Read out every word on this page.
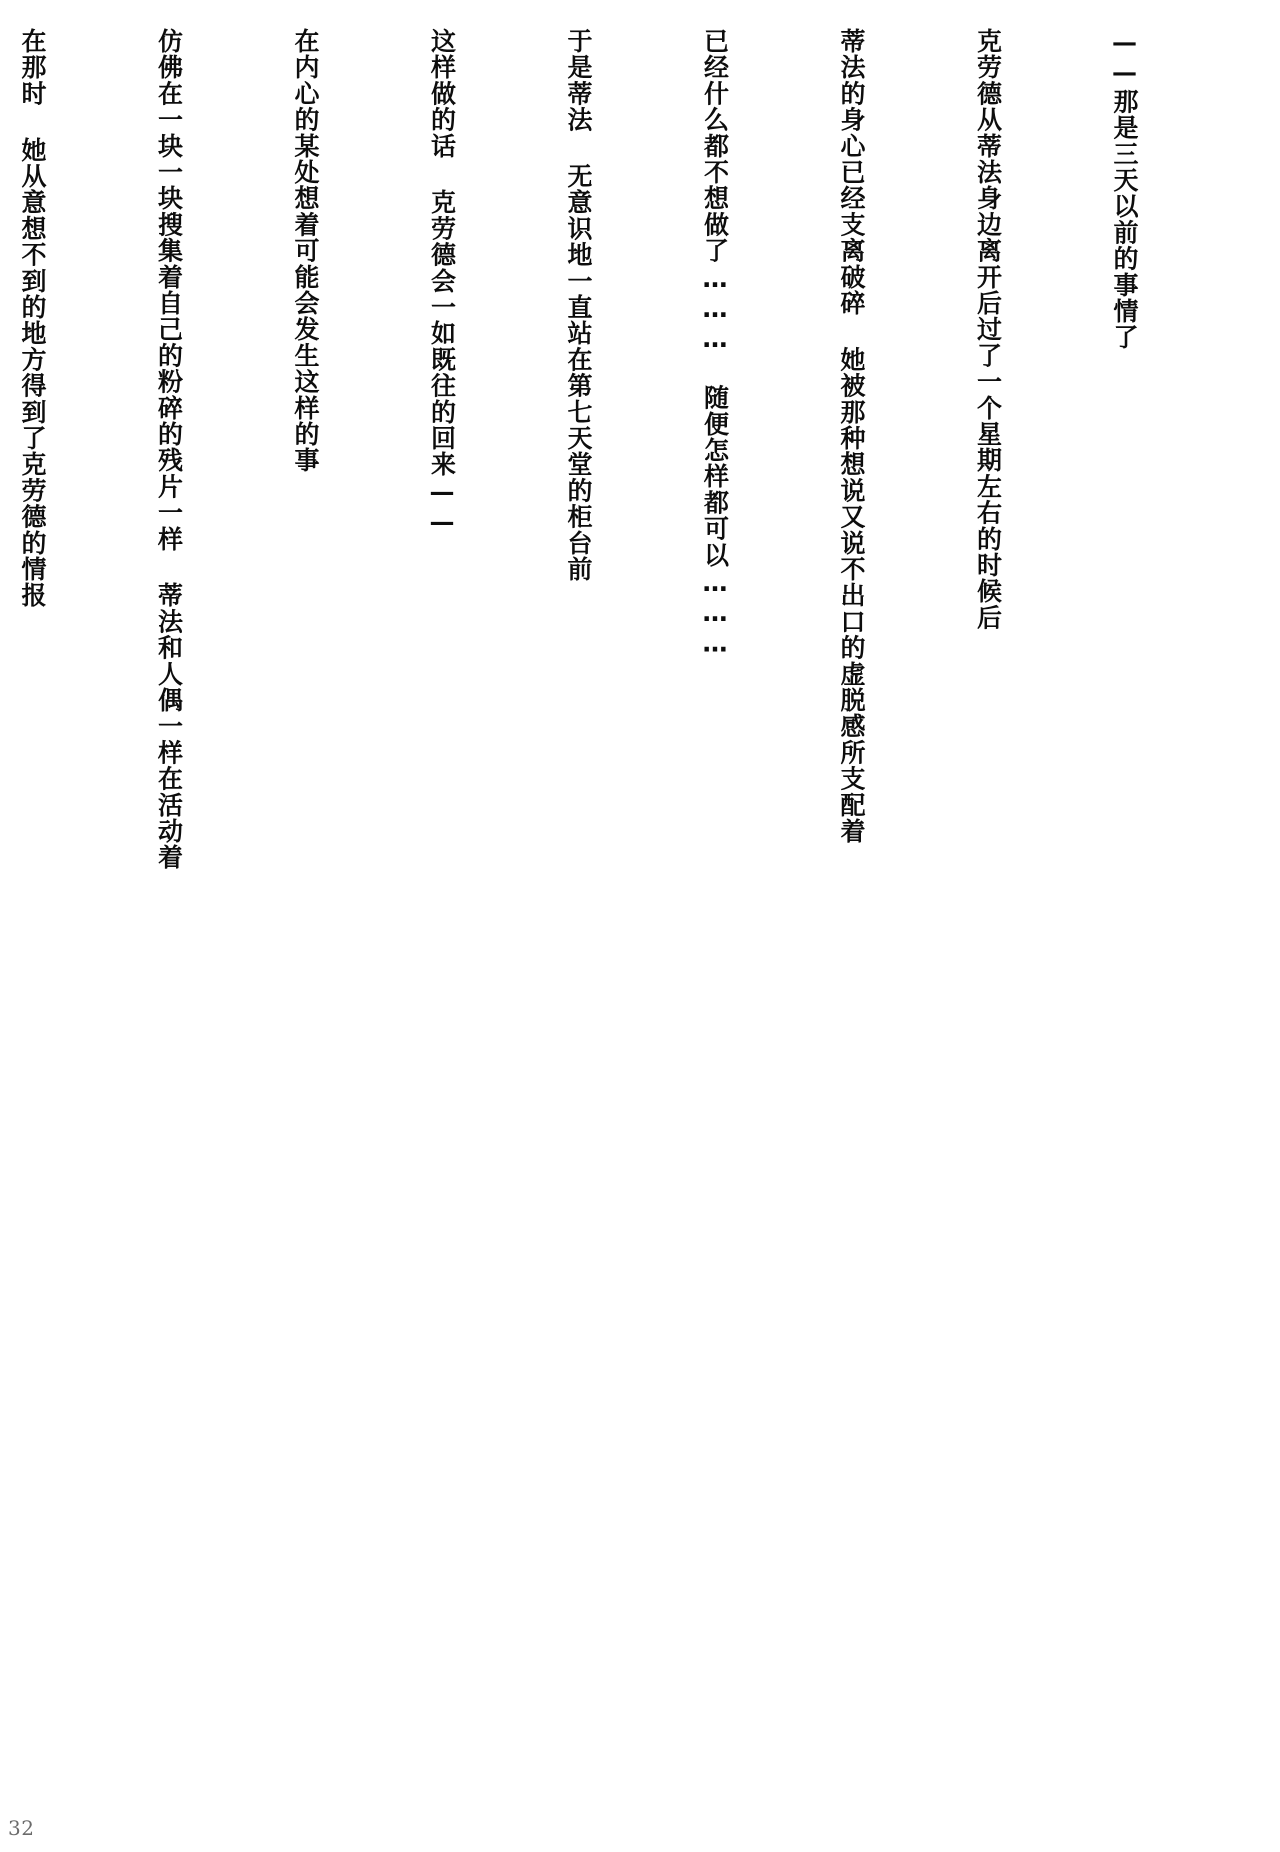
——那是三天以前的事情了

克劳德从蒂法身边离开后过了一个星期左右的时候后

蒂法的身心已经支离破碎 她被那种想说又说不出口的虚脱感所支配着

已经什么都不想做了……… 随便怎样都可以………

于是蒂法 无意识地一直站在第七天堂的柜台前

这样做的话 克劳德会一如既往的回来——

在内心的某处想着可能会发生这样的事

仿佛在一块一块搜集着自己的粉碎的残片一样 蒂法和人偶一样在活动着

在那时 她从意想不到的地方得到了克劳德的情报

32
